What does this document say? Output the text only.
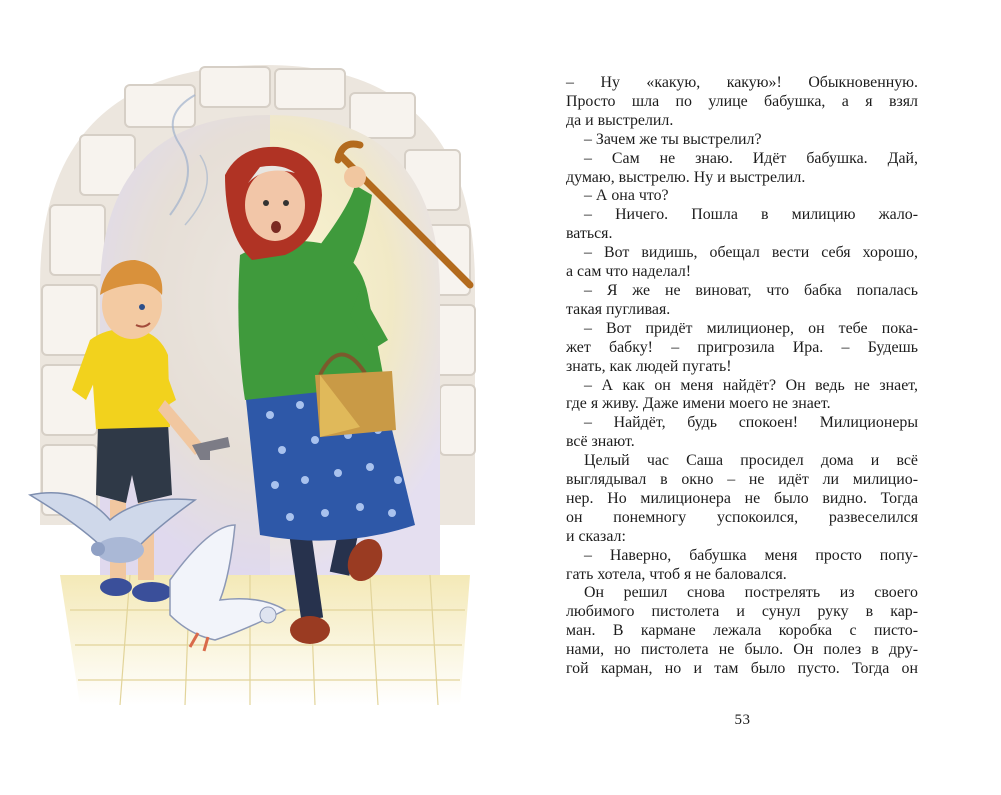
– Ну «какую, какую»! Обыкновенную.
Просто шла по улице бабушка, а я взял
да и выстрелил.
– Зачем же ты выстрелил?
– Сам не знаю. Идёт бабушка. Дай,
думаю, выстрелю. Ну и выстрелил.
– А она что?
– Ничего. Пошла в милицию жало-
ваться.
– Вот видишь, обещал вести себя хорошо,
а сам что наделал!
– Я же не виноват, что бабка попалась
такая пугливая.
– Вот придёт милиционер, он тебе пока-
жет бабку! – пригрозила Ира. – Будешь
знать, как людей пугать!
– А как он меня найдёт? Он ведь не знает,
где я живу. Даже имени моего не знает.
– Найдёт, будь спокоен! Милиционеры
всё знают.
Целый час Саша просидел дома и всё
выглядывал в окно – не идёт ли милицио-
нер. Но милиционера не было видно. Тогда
он понемногу успокоился, развеселился
и сказал:
– Наверно, бабушка меня просто попу-
гать хотела, чтоб я не баловался.
Он решил снова пострелять из своего
любимого пистолета и сунул руку в кар-
ман. В кармане лежала коробка с писто-
нами, но пистолета не было. Он полез в дру-
гой карман, но и там было пусто. Тогда он
53
